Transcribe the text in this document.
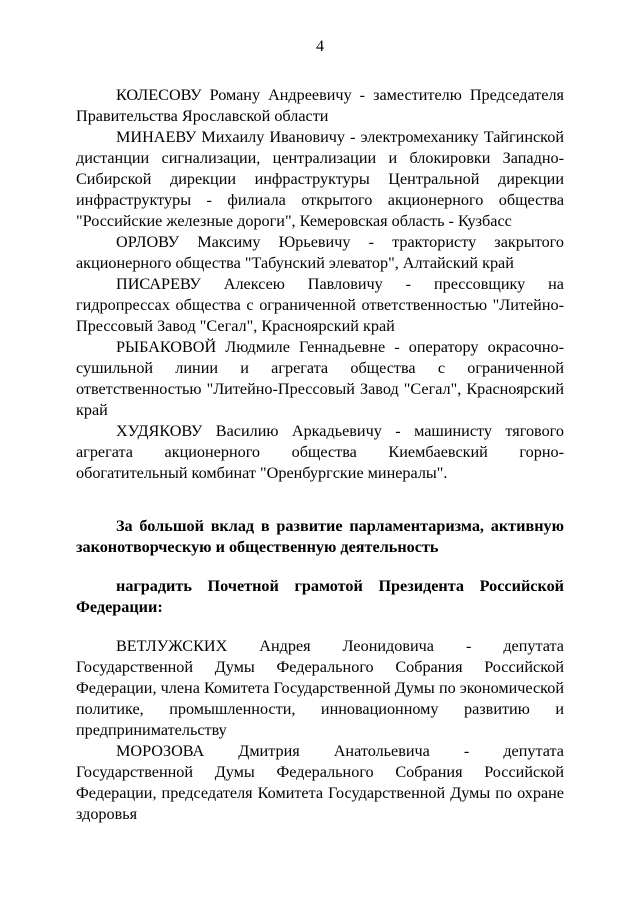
4

КОЛЕСОВУ Роману Андреевичу - заместителю Председателя Правительства Ярославской области

МИНАЕВУ Михаилу Ивановичу - электромеханику Тайгинской дистанции сигнализации, централизации и блокировки Западно-Сибирской дирекции инфраструктуры Центральной дирекции инфраструктуры - филиала открытого акционерного общества "Российские железные дороги", Кемеровская область - Кузбасс

ОРЛОВУ Максиму Юрьевичу - трактористу закрытого акционерного общества "Табунский элеватор", Алтайский край

ПИСАРЕВУ Алексею Павловичу - прессовщику на гидропрессах общества с ограниченной ответственностью "Литейно-Прессовый Завод "Сегал", Красноярский край

РЫБАКОВОЙ Людмиле Геннадьевне - оператору окрасочно-сушильной линии и агрегата общества с ограниченной ответственностью "Литейно-Прессовый Завод "Сегал", Красноярский край

ХУДЯКОВУ Василию Аркадьевичу - машинисту тягового агрегата акционерного общества Киембаевский горно-обогатительный комбинат "Оренбургские минералы".

За большой вклад в развитие парламентаризма, активную законотворческую и общественную деятельность

наградить Почетной грамотой Президента Российской Федерации:

ВЕТЛУЖСКИХ Андрея Леонидовича - депутата Государственной Думы Федерального Собрания Российской Федерации, члена Комитета Государственной Думы по экономической политике, промышленности, инновационному развитию и предпринимательству

МОРОЗОВА Дмитрия Анатольевича - депутата Государственной Думы Федерального Собрания Российской Федерации, председателя Комитета Государственной Думы по охране здоровья
